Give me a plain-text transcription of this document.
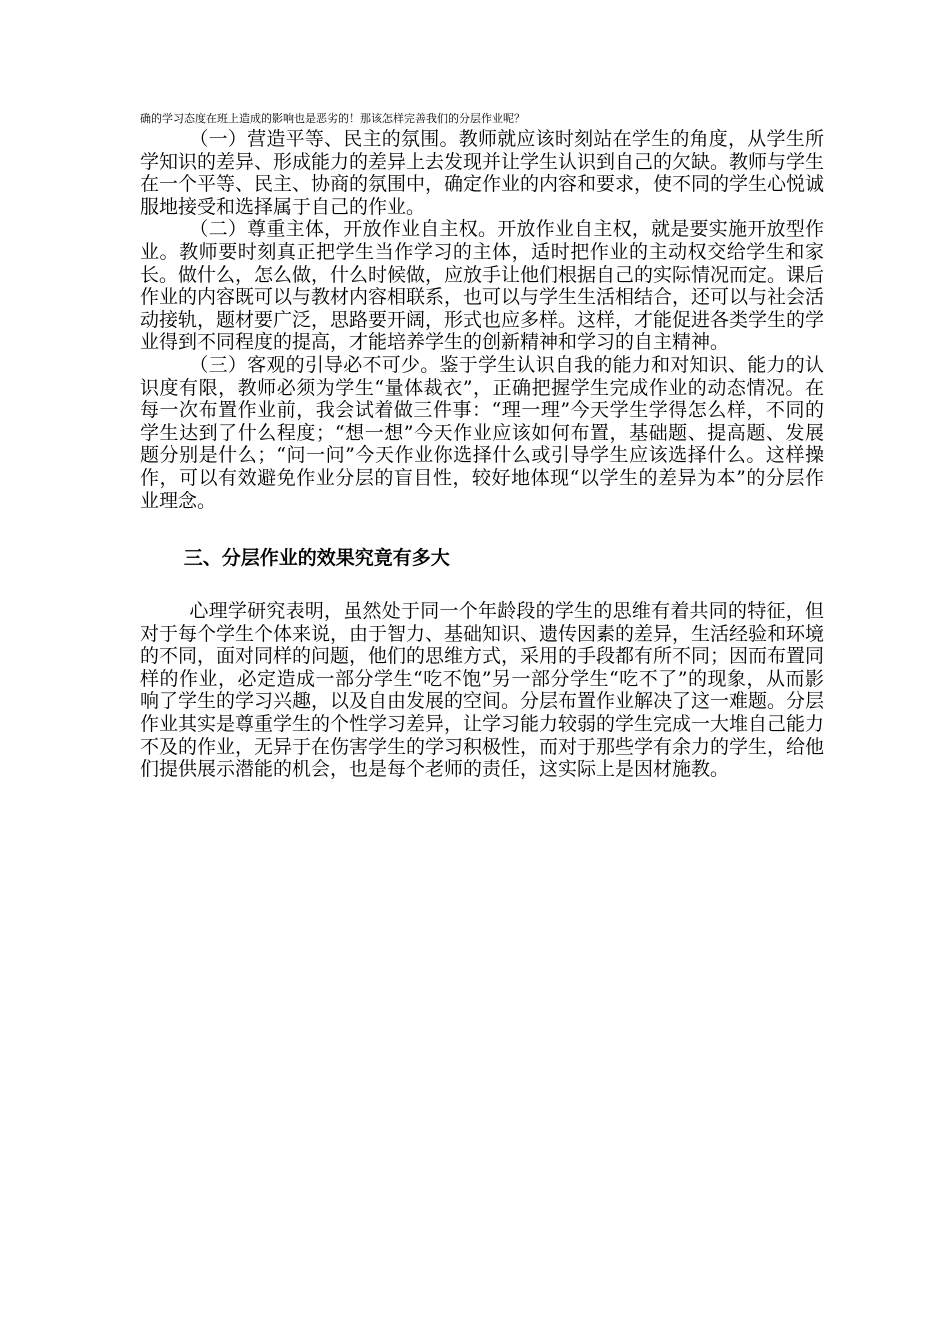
确的学习态度在班上造成的影响也是恶劣的！那该怎样完善我们的分层作业呢？

（一）营造平等、民主的氛围。教师就应该时刻站在学生的角度，从学生所学知识的差异、形成能力的差异上去发现并让学生认识到自己的欠缺。教师与学生在一个平等、民主、协商的氛围中，确定作业的内容和要求，使不同的学生心悦诚服地接受和选择属于自己的作业。

（二）尊重主体，开放作业自主权。开放作业自主权，就是要实施开放型作业。教师要时刻真正把学生当作学习的主体，适时把作业的主动权交给学生和家长。做什么，怎么做，什么时候做，应放手让他们根据自己的实际情况而定。课后作业的内容既可以与教材内容相联系，也可以与学生生活相结合，还可以与社会活动接轨，题材要广泛，思路要开阔，形式也应多样。这样，才能促进各类学生的学业得到不同程度的提高，才能培养学生的创新精神和学习的自主精神。

（三）客观的引导必不可少。鉴于学生认识自我的能力和对知识、能力的认识度有限，教师必须为学生“量体裁衣”，正确把握学生完成作业的动态情况。在每一次布置作业前，我会试着做三件事：“理一理”今天学生学得怎么样，不同的学生达到了什么程度；“想一想”今天作业应该如何布置，基础题、提高题、发展题分别是什么；“问一问”今天作业你选择什么或引导学生应该选择什么。这样操作，可以有效避免作业分层的盲目性，较好地体现“以学生的差异为本”的分层作业理念。

三、分层作业的效果究竟有多大

心理学研究表明，虽然处于同一个年龄段的学生的思维有着共同的特征，但对于每个学生个体来说，由于智力、基础知识、遗传因素的差异，生活经验和环境的不同，面对同样的问题，他们的思维方式，采用的手段都有所不同；因而布置同样的作业，必定造成一部分学生“吃不饱”另一部分学生“吃不了”的现象，从而影响了学生的学习兴趣，以及自由发展的空间。分层布置作业解决了这一难题。分层作业其实是尊重学生的个性学习差异，让学习能力较弱的学生完成一大堆自己能力不及的作业，无异于在伤害学生的学习积极性，而对于那些学有余力的学生，给他们提供展示潜能的机会，也是每个老师的责任，这实际上是因材施教。
